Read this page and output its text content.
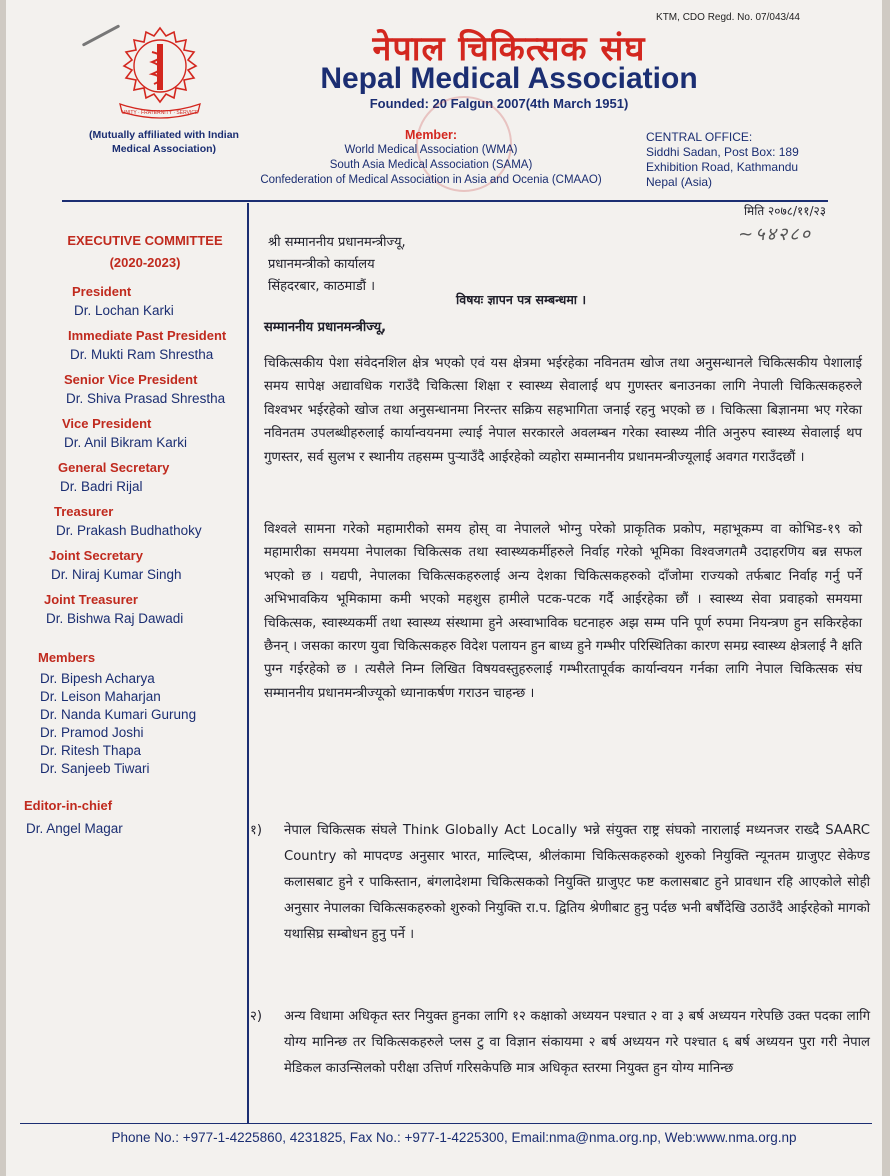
KTM, CDO Regd. No. 07/043/44
UNITY · FRATERNITY · SERVICE
नेपाल चिकित्सक संघ
Nepal Medical Association
Founded: 20 Falgun 2007(4th March 1951)
(Mutually affiliated with Indian Medical Association)
Member:
World Medical Association (WMA)
South Asia Medical Association (SAMA)
Confederation of Medical Association in Asia and Ocenia (CMAAO)
CENTRAL OFFICE:
Siddhi Sadan, Post Box: 189
Exhibition Road, Kathmandu
Nepal (Asia)
EXECUTIVE COMMITTEE
(2020-2023)
President
Dr. Lochan Karki
Immediate Past President
Dr. Mukti Ram Shrestha
Senior Vice President
Dr. Shiva Prasad Shrestha
Vice President
Dr. Anil Bikram Karki
General Secretary
Dr. Badri Rijal
Treasurer
Dr. Prakash Budhathoky
Joint Secretary
Dr. Niraj Kumar Singh
Joint Treasurer
Dr. Bishwa Raj Dawadi
Members
Dr. Bipesh Acharya
Dr. Leison Maharjan
Dr. Nanda Kumari Gurung
Dr. Pramod Joshi
Dr. Ritesh Thapa
Dr. Sanjeeb Tiwari
Editor-in-chief
Dr. Angel Magar
मिति २०७८/११/२३
~५४२८०
श्री सम्माननीय प्रधानमन्त्रीज्यू,
प्रधानमन्त्रीको कार्यालय
सिंहदरबार, काठमाडौं ।
विषयः ज्ञापन पत्र सम्बन्धमा ।
सम्माननीय प्रधानमन्त्रीज्यू,
चिकित्सकीय पेशा संवेदनशिल क्षेत्र भएको एवं यस क्षेत्रमा भईरहेका नविनतम खोज तथा अनुसन्धानले चिकित्सकीय पेशालाई समय सापेक्ष अद्यावधिक गराउँदै चिकित्सा शिक्षा र स्वास्थ्य सेवालाई थप गुणस्तर बनाउनका लागि नेपाली चिकित्सकहरुले विश्वभर भईरहेको खोज तथा अनुसन्धानमा निरन्तर सक्रिय सहभागिता जनाई रहनु भएको छ । चिकित्सा बिज्ञानमा भए गरेका नविनतम उपलब्धीहरुलाई कार्यान्वयनमा ल्याई नेपाल सरकारले अवलम्बन गरेका स्वास्थ्य नीति अनुरुप स्वास्थ्य सेवालाई थप गुणस्तर, सर्व सुलभ र स्थानीय तहसम्म पुऱ्याउँदै आईरहेको व्यहोरा सम्माननीय प्रधानमन्त्रीज्यूलाई अवगत गराउँदछौं ।
विश्वले सामना गरेको महामारीको समय होस् वा नेपालले भोग्नु परेको प्राकृतिक प्रकोप, महाभूकम्प वा कोभिड-१९ को महामारीका समयमा नेपालका चिकित्सक तथा स्वास्थ्यकर्मीहरुले निर्वाह गरेको भूमिका विश्वजगतमै उदाहरणिय बन्न सफल भएको छ । यद्यपी, नेपालका चिकित्सकहरुलाई अन्य देशका चिकित्सकहरुको दाँजोमा राज्यको तर्फबाट निर्वाह गर्नु पर्ने अभिभावकिय भूमिकामा कमी भएको महशुस हामीले पटक-पटक गर्दै आईरहेका छौं । स्वास्थ्य सेवा प्रवाहको समयमा चिकित्सक, स्वास्थ्यकर्मी तथा स्वास्थ्य संस्थामा हुने अस्वाभाविक घटनाहरु अझ सम्म पनि पूर्ण रुपमा नियन्त्रण हुन सकिरहेका छैनन् । जसका कारण युवा चिकित्सकहरु विदेश पलायन हुन बाध्य हुने गम्भीर परिस्थितिका कारण समग्र स्वास्थ्य क्षेत्रलाई नै क्षति पुग्न गईरहेको छ । त्यसैले निम्न लिखित विषयवस्तुहरुलाई गम्भीरतापूर्वक कार्यान्वयन गर्नका लागि नेपाल चिकित्सक संघ सम्माननीय प्रधानमन्त्रीज्यूको ध्यानाकर्षण गराउन चाहन्छ ।
१)	नेपाल चिकित्सक संघले Think Globally Act Locally भन्ने संयुक्त राष्ट्र संघको नारालाई मध्यनजर राख्दै SAARC Country को मापदण्ड अनुसार भारत, माल्दिप्स, श्रीलंकामा चिकित्सकहरुको शुरुको नियुक्ति न्यूनतम ग्राजुएट सेकेण्ड कलासबाट हुने र पाकिस्तान, बंगलादेशमा चिकित्सकको नियुक्ति ग्राजुएट फष्ट कलासबाट हुने प्रावधान रहि आएकोले सोही अनुसार नेपालका चिकित्सकहरुको शुरुको नियुक्ति रा.प. द्वितिय श्रेणीबाट हुनु पर्दछ भनी बर्षौदेखि उठाउँदै आईरहेको मागको यथासिघ्र सम्बोधन हुनु पर्ने ।
२)	अन्य विधामा अधिकृत स्तर नियुक्त हुनका लागि १२ कक्षाको अध्ययन पश्चात २ वा ३ बर्ष अध्ययन गरेपछि उक्त पदका लागि योग्य मानिन्छ तर चिकित्सकहरुले प्लस टु वा विज्ञान संकायमा २ बर्ष अध्ययन गरे पश्चात ६ बर्ष अध्ययन पुरा गरी नेपाल मेडिकल काउन्सिलको परीक्षा उत्तिर्ण गरिसकेपछि मात्र अधिकृत स्तरमा नियुक्त हुन योग्य मानिन्छ
Phone No.: +977-1-4225860, 4231825, Fax No.: +977-1-4225300, Email:nma@nma.org.np, Web:www.nma.org.np
